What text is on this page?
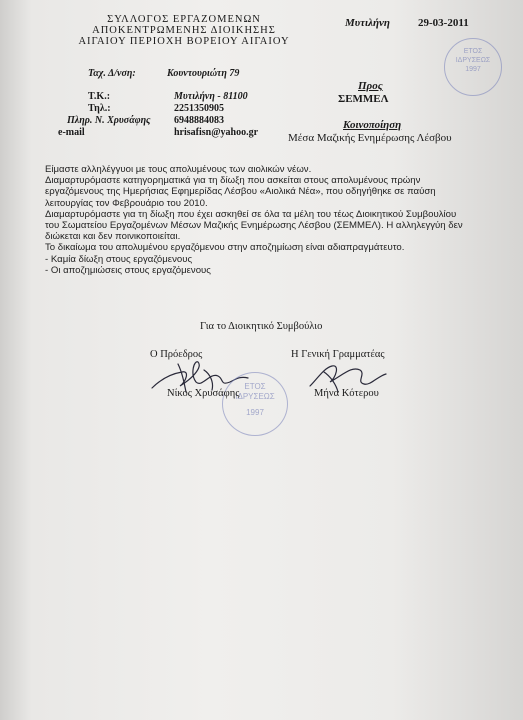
ΣΥΛΛΟΓΟΣ ΕΡΓΑΖΟΜΕΝΩΝ
ΑΠΟΚΕΝΤΡΩΜΕΝΗΣ ΔΙΟΙΚΗΣΗΣ
ΑΙΓΑΙΟΥ ΠΕΡΙΟΧΗ ΒΟΡΕΙΟΥ ΑΙΓΑΙΟΥ
Μυτιλήνη	29-03-2011
ΕΤΟΣ
ΙΔΡΥΣΕΩΣ
1997
Ταχ. Δ/νση:	Κουντουριώτη 79
Τ.Κ.:	Μυτιλήνη - 81100
Τηλ.:	2251350905
Πληρ. Ν. Χρυσάφης 6948884083
e-mail	hrisafisn@yahoo.gr
Προς
ΣΕΜΜΕΛ
Κοινοποίηση
Μέσα Μαζικής Ενημέρωσης Λέσβου
Είμαστε αλληλέγγυοι με τους απολυμένους των αιολικών νέων.
Διαμαρτυρόμαστε κατηγορηματικά για τη δίωξη που ασκείται στους απολυμένους πρώην
εργαζόμενους της Ημερήσιας Εφημερίδας Λέσβου «Αιολικά Νέα», που οδηγήθηκε σε παύση
λειτουργίας τον Φεβρουάριο του 2010.
Διαμαρτυρόμαστε για τη δίωξη που έχει ασκηθεί σε όλα τα μέλη του τέως Διοικητικού Συμβουλίου
του Σωματείου Εργαζομένων Μέσων Μαζικής Ενημέρωσης Λέσβου (ΣΕΜΜΕΛ). Η αλληλεγγύη δεν
διώκεται και δεν ποινικοποιείται.
Το δικαίωμα του απολυμένου εργαζόμενου στην αποζημίωση είναι αδιαπραγμάτευτο.
- Καμία δίωξη στους εργαζόμενους
- Οι αποζημιώσεις στους εργαζόμενους
Για το Διοικητικό Συμβούλιο
Ο Πρόεδρος	Η Γενική Γραμματέας
ΕΤΟΣ
ΙΔΡΥΣΕΩΣ
1997
Νίκος Χρυσάφης	Μήνα Κότερου
